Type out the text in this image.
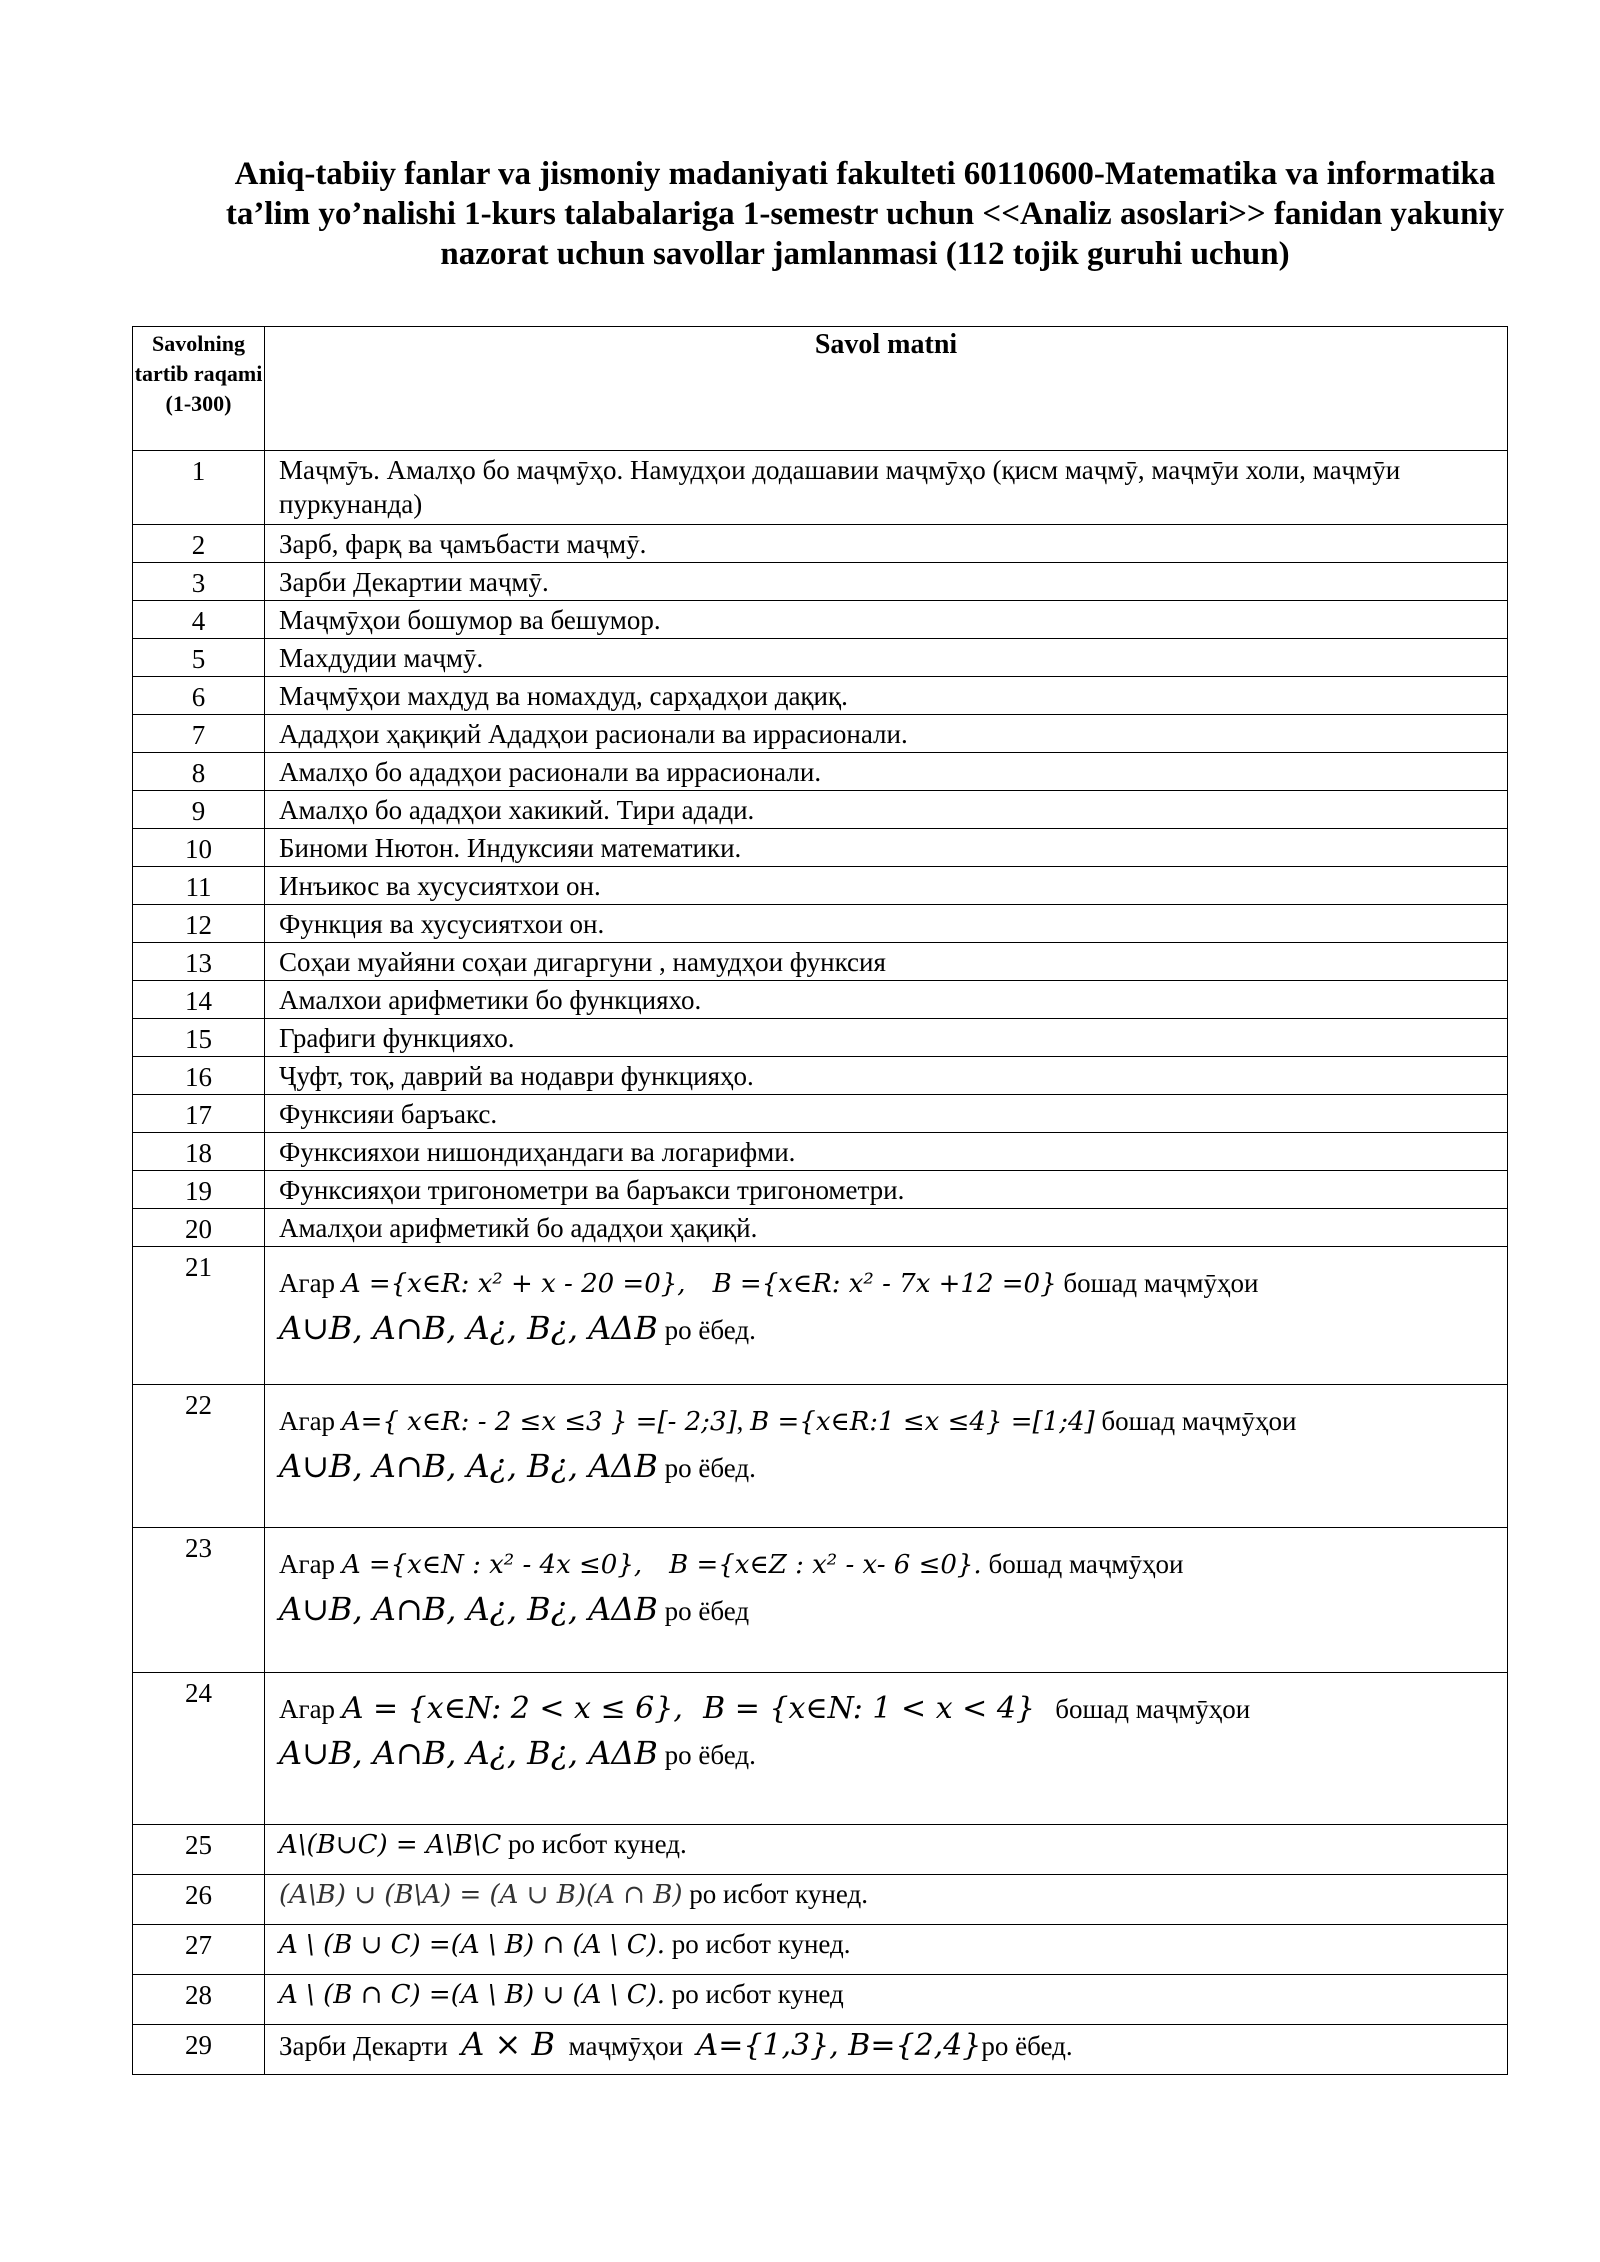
Aniq-tabiiy fanlar va jismoniy madaniyati fakulteti 60110600-Matematika va informatika ta’lim yo’nalishi 1-kurs talabalariga 1-semestr uchun <<Analiz asoslari>> fanidan yakuniy nazorat uchun savollar jamlanmasi (112 tojik guruhi uchun)
Savolning tartib raqami (1-300)	Savol matni
1	Маҷмӯъ. Амалҳо бо маҷмӯҳо. Намудҳои додашавии маҷмӯҳо (қисм маҷмӯ, маҷмӯи холи, маҷмӯи пуркунанда)
2	Зарб, фарқ ва ҷамъбасти маҷмӯ.
3	Зарби Декартии маҷмӯ.
4	Маҷмӯҳои бошумор ва бешумор.
5	Махдудии маҷмӯ.
6	Маҷмӯҳои махдуд ва номахдуд, сарҳадҳои дақиқ.
7	Ададҳои ҳақиқий Ададҳои расионали ва иррасионали.
8	Амалҳо бо ададҳои расионали ва иррасионали.
9	Амалҳо бо ададҳои хакикий. Тири адади.
10	Биноми Нютон. Индуксияи математики.
11	Инъикос ва хусусиятхои он.
12	Функция ва хусусиятхои он.
13	Соҳаи муайяни соҳаи дигаргуни , намудҳои функсия
14	Амалхои арифметики бо функцияхо.
15	Графиги функцияхо.
16	Ҷуфт, тоқ, даврий ва нодаври функцияҳо.
17	Функсияи баръакс.
18	Функсияхои нишондиҳандаги ва логарифми.
19	Функсияҳои тригонометри ва баръакси тригонометри.
20	Амалҳои арифметикй бо ададҳои ҳақиқй.
21	Агар A ={x∈R: x² + x - 20 =0}, B ={x∈R: x² - 7x +12 =0} бошад маҷмӯҳои
A∪B, A∩B, A¿, B¿, AΔB ро ёбед.
22	Агар A={ x∈R: - 2 ≤x ≤3 } =[- 2;3], B ={x∈R:1 ≤x ≤4} =[1;4] бошад маҷмӯҳои
A∪B, A∩B, A¿, B¿, AΔB ро ёбед.
23	Агар A ={x∈N : x² - 4x ≤0}, B ={x∈Z : x² - x- 6 ≤0}. бошад маҷмӯҳои
A∪B, A∩B, A¿, B¿, AΔB ро ёбед
24	Агар A = {x∈N: 2 < x ≤ 6}, B = {x∈N: 1 < x < 4} бошад маҷмӯҳои
A∪B, A∩B, A¿, B¿, AΔB ро ёбед.
25	A\(B∪C) = A\B\C ро исбот кунед.
26	(A\B) ∪ (B\A) = (A ∪ B)(A ∩ B) ро исбот кунед.
27	A \ (B ∪ C) =(A \ B) ∩ (A \ C). ро исбот кунед.
28	A \ (B ∩ C) =(A \ B) ∪ (A \ C). ро исбот кунед
29	Зарби Декарти A × B маҷмӯҳои A={1,3}, B={2,4}ро ёбед.
